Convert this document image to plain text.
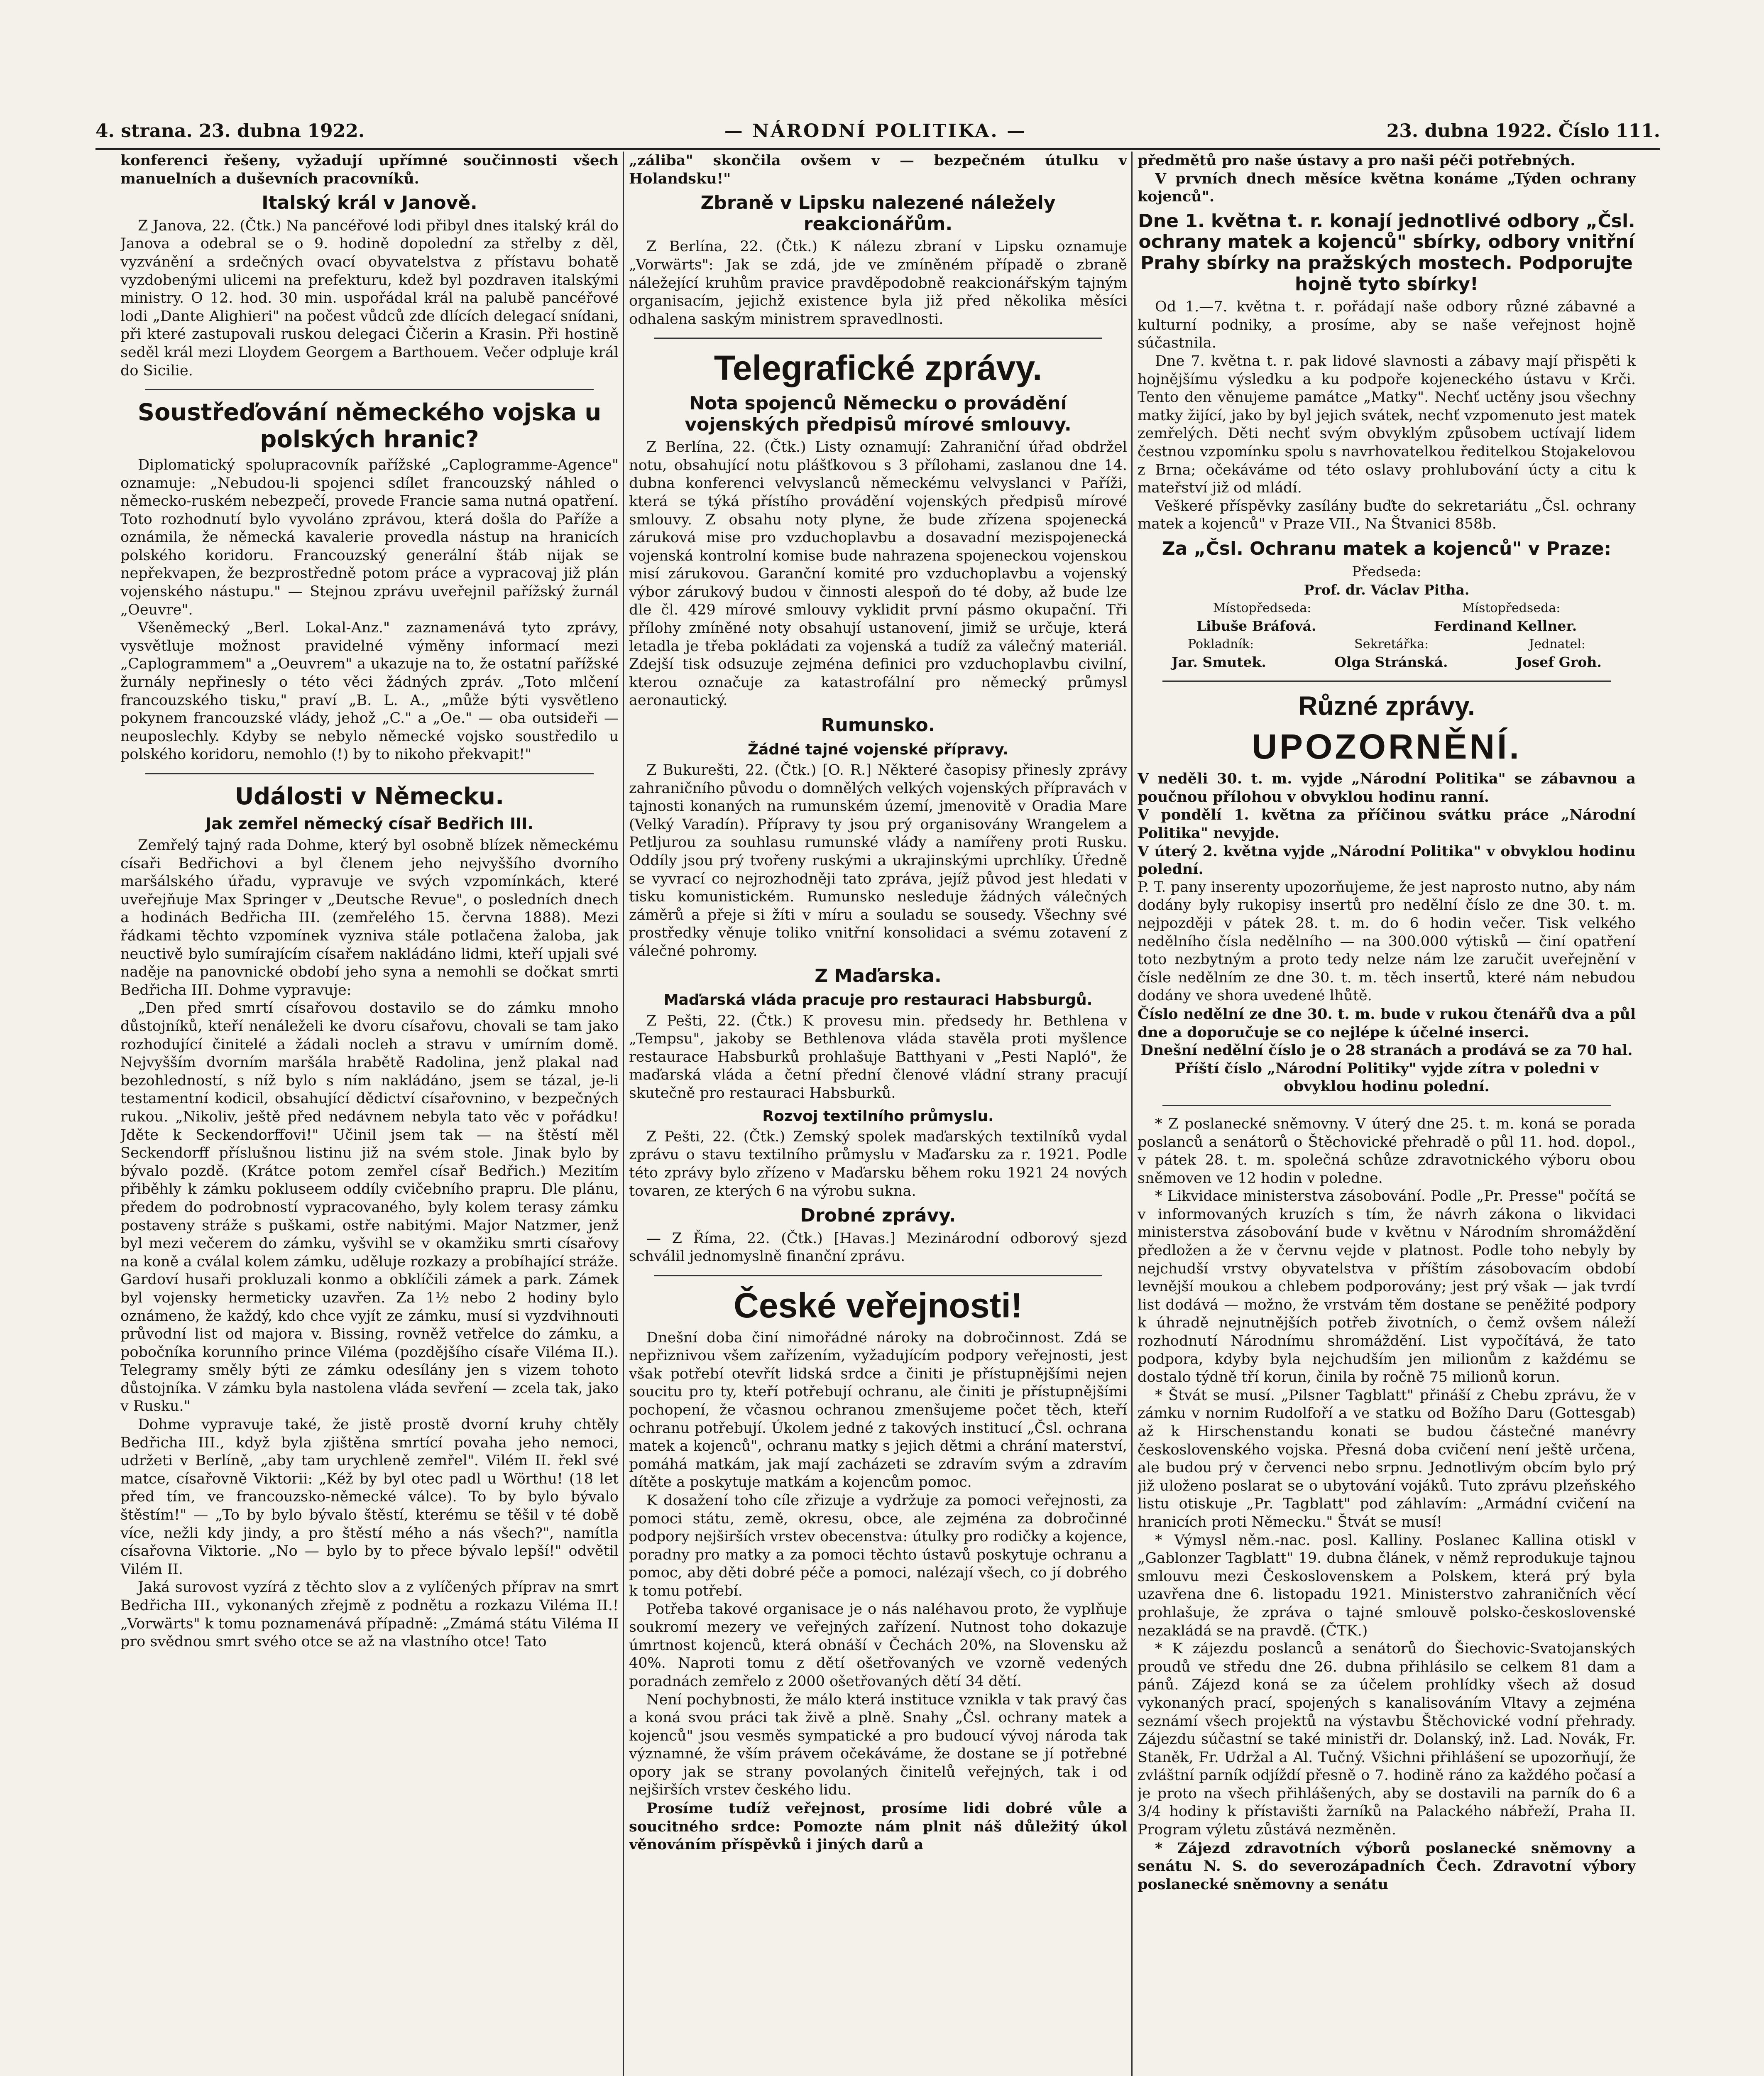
4. strana. 23. dubna 1922.	— NÁRODNÍ POLITIKA. —	23. dubna 1922. Číslo 111.

konferenci řešeny, vyžadují upřímné součinnosti všech manuelních a duševních pracovníků.

Italský král v Janově.

Z Janova, 22. (Čtk.) Na pancéřové lodi přibyl dnes italský král do Janova a odebral se o 9. hodině dopolední za střelby z děl, vyzvánění a srdečných ovací obyvatelstva z přístavu bohatě vyzdobenými ulicemi na prefekturu, kdež byl pozdraven italskými ministry. O 12. hod. 30 min. uspořádal král na palubě pancéřové lodi „Dante Alighieri" na počest vůdců zde dlících delegací snídani, při které zastupovali ruskou delegaci Čičerin a Krasin. Při hostině seděl král mezi Lloydem Georgem a Barthouem. Večer odpluje král do Sicilie.

Soustřeďování německého vojska u polských hranic?

Diplomatický spolupracovník pařížské „Caplogramme-Agence" oznamuje: „Nebudou-li spojenci sdílet francouzský náhled o německo-ruském nebezpečí, provede Francie sama nutná opatření. Toto rozhodnutí bylo vyvoláno zprávou, která došla do Paříže a oznámila, že německá kavalerie provedla nástup na hranicích polského koridoru. Francouzský generální štáb nijak se nepřekvapen, že bezprostředně potom práce a vypracovaj již plán vojenského nástupu." — Stejnou zprávu uveřejnil pařížský žurnál „Oeuvre".

Všeněmecký „Berl. Lokal-Anz." zaznamenává tyto zprávy, vysvětluje možnost pravidelné výměny informací mezi „Caplogrammem" a „Oeuvrem" a ukazuje na to, že ostatní pařížské žurnály nepřinesly o této věci žádných zpráv. „Toto mlčení francouzského tisku," praví „B. L. A., „může býti vysvětleno pokynem francouzské vlády, jehož „C." a „Oe." — oba outsideři — neuposlechly. Kdyby se nebylo německé vojsko soustředilo u polského koridoru, nemohlo (!) by to nikoho překvapit!"

Události v Německu.
Jak zemřel německý císař Bedřich III.

Zemřelý tajný rada Dohme, který byl osobně blízek německému císaři Bedřichovi a byl členem jeho nejvyššího dvorního maršálského úřadu, vypravuje ve svých vzpomínkách, které uveřejňuje Max Springer v „Deutsche Revue", o posledních dnech a hodinách Bedřicha III. (zemřelého 15. června 1888). Mezi řádkami těchto vzpomínek vyzniva stále potlačena žaloba, jak neuctivě bylo sumírajícím císařem nakládáno lidmi, kteří upjali své naděje na panovnické období jeho syna a nemohli se dočkat smrti Bedřicha III. Dohme vypravuje:

„Den před smrtí císařovou dostavilo se do zámku mnoho důstojníků, kteří nenáleželi ke dvoru císařovu, chovali se tam jako rozhodující činitelé a žádali nocleh a stravu v umírním domě. Nejvyšším dvorním maršála hrabětě Radolina, jenž plakal nad bezohledností, s níž bylo s ním nakládáno, jsem se tázal, je-li testamentní kodicil, obsahující dědictví císařovnino, v bezpečných rukou. „Nikoliv, ještě před nedávnem nebyla tato věc v pořádku! Jděte k Seckendorffovi!" Učinil jsem tak — na štěstí měl Seckendorff příslušnou listinu již na svém stole. Jinak bylo by bývalo pozdě. (Krátce potom zemřel císař Bedřich.) Mezitím přiběhly k zámku pokluseem oddíly cvičebního prapru. Dle plánu, předem do podrobností vypracovaného, byly kolem terasy zámku postaveny stráže s puškami, ostře nabitými. Major Natzmer, jenž byl mezi večerem do zámku, vyšvihl se v okamžiku smrti císařovy na koně a cválal kolem zámku, uděluje rozkazy a probíhající stráže. Gardoví husaři prokluzali konmo a obklíčili zámek a park. Zámek byl vojensky hermeticky uzavřen. Za 1½ nebo 2 hodiny bylo oznámeno, že každý, kdo chce vyjít ze zámku, musí si vyzdvihnouti průvodní list od majora v. Bissing, rovněž vetřelce do zámku, a pobočníka korunního prince Viléma (pozdějšího císaře Viléma II.). Telegramy směly býti ze zámku odesílány jen s vizem tohoto důstojníka. V zámku byla nastolena vláda sevření — zcela tak, jako v Rusku."

Dohme vypravuje také, že jistě prostě dvorní kruhy chtěly Bedřicha III., když byla zjištěna smrtící povaha jeho nemoci, udržeti v Berlíně, „aby tam urychleně zemřel". Vilém II. řekl své matce, císařovně Viktorii: „Kéž by byl otec padl u Wörthu! (18 let před tím, ve francouzsko-německé válce). To by bylo bývalo štěstím!" — „To by bylo bývalo štěstí, kterému se těšil v té době více, nežli kdy jindy, a pro štěstí mého a nás všech?", namítla císařovna Viktorie. „No — bylo by to přece bývalo lepší!" odvětil Vilém II.

Jaká surovost vyzírá z těchto slov a z vylíčených příprav na smrt Bedřicha III., vykonaných zřejmě z podnětu a rozkazu Viléma II.! „Vorwärts" k tomu poznamenává případně: „Zmámá státu Viléma II pro svědnou smrt svého otce se až na vlastního otce! Tato

„záliba" skončila ovšem v — bezpečném útulku v Holandsku!"

Zbraně v Lipsku nalezené náležely reakcionářům.

Z Berlína, 22. (Čtk.) K nálezu zbraní v Lipsku oznamuje „Vorwärts": Jak se zdá, jde ve zmíněném případě o zbraně náležející kruhům pravice pravděpodobně reakcionářským tajným organisacím, jejichž existence byla již před několika měsíci odhalena saským ministrem spravedlnosti.

Telegrafické zprávy.
Nota spojenců Německu o provádění vojenských předpisů mírové smlouvy.

Z Berlína, 22. (Čtk.) Listy oznamují: Zahraniční úřad obdržel notu, obsahující notu plášťkovou s 3 přílohami, zaslanou dne 14. dubna konferenci velvyslanců německému velvyslanci v Paříži, která se týká přístího provádění vojenských předpisů mírové smlouvy. Z obsahu noty plyne, že bude zřízena spojenecká záruková mise pro vzduchoplavbu a dosavadní mezispojenecká vojenská kontrolní komise bude nahrazena spojeneckou vojenskou misí zárukovou. Garanční komité pro vzduchoplavbu a vojenský výbor zárukový budou v činnosti alespoň do té doby, až bude lze dle čl. 429 mírové smlouvy vyklidit první pásmo okupační. Tři přílohy zmíněné noty obsahují ustanovení, jimiž se určuje, která letadla je třeba pokládati za vojenská a tudíž za válečný materiál. Zdejší tisk odsuzuje zejména definici pro vzduchoplavbu civilní, kterou označuje za katastrofální pro německý průmysl aeronautický.

Rumunsko.
Žádné tajné vojenské přípravy.

Z Bukurešti, 22. (Čtk.) [O. R.] Některé časopisy přinesly zprávy zahraničního původu o domnělých velkých vojenských přípravách v tajnosti konaných na rumunském území, jmenovitě v Oradia Mare (Velký Varadín). Přípravy ty jsou prý organisovány Wrangelem a Petljurou za souhlasu rumunské vlády a namířeny proti Rusku. Oddíly jsou prý tvořeny ruskými a ukrajinskými uprchlíky. Úředně se vyvrací co nejrozhodněji tato zpráva, jejíž původ jest hledati v tisku komunistickém. Rumunsko nesleduje žádných válečných záměrů a přeje si žíti v míru a souladu se sousedy. Všechny své prostředky věnuje toliko vnitřní konsolidaci a svému zotavení z válečné pohromy.

Z Maďarska.
Maďarská vláda pracuje pro restauraci Habsburgů.

Z Pešti, 22. (Čtk.) K provesu min. předsedy hr. Bethlena v „Tempsu", jakoby se Bethlenova vláda stavěla proti myšlence restaurace Habsburků prohlašuje Batthyani v „Pesti Napló", že maďarská vláda a četní přední členové vládní strany pracují skutečně pro restauraci Habsburků.

Rozvoj textilního průmyslu.

Z Pešti, 22. (Čtk.) Zemský spolek maďarských textilníků vydal zprávu o stavu textilního průmyslu v Maďarsku za r. 1921. Podle této zprávy bylo zřízeno v Maďarsku během roku 1921 24 nových tovaren, ze kterých 6 na výrobu sukna.

Drobné zprávy.

— Z Říma, 22. (Čtk.) [Havas.] Mezinárodní odborový sjezd schválil jednomyslně finanční zprávu.

České veřejnosti!

Dnešní doba činí nimořádné nároky na dobročinnost. Zdá se nepřiznivou všem zařízením, vyžadujícím podpory veřejnosti, jest však potřebí otevřít lidská srdce a činiti je přístupnějšími nejen soucitu pro ty, kteří potřebují ochranu, ale činiti je přístupnějšími pochopení, že včasnou ochranou zmenšujeme počet těch, kteří ochranu potřebují. Úkolem jedné z takových institucí „Čsl. ochrana matek a kojenců", ochranu matky s jejich dětmi a chrání materství, pomáhá matkám, jak mají zacházeti se zdravím svým a zdravím dítěte a poskytuje matkám a kojencům pomoc.

K dosažení toho cíle zřizuje a vydržuje za pomoci veřejnosti, za pomoci státu, země, okresu, obce, ale zejména za dobročinné podpory nejširších vrstev obecenstva: útulky pro rodičky a kojence, poradny pro matky a za pomoci těchto ústavů poskytuje ochranu a pomoc, aby děti dobré péče a pomoci, nalézají všech, co jí dobrého k tomu potřebí.

Potřeba takové organisace je o nás naléhavou proto, že vyplňuje soukromí mezery ve veřejných zařízení. Nutnost toho dokazuje úmrtnost kojenců, která obnáší v Čechách 20%, na Slovensku až 40%. Naproti tomu z dětí ošetřovaných ve vzorně vedených poradnách zemřelo z 2000 ošetřovaných dětí 34 dětí.

Není pochybnosti, že málo která instituce vznikla v tak pravý čas a koná svou práci tak živě a plně. Snahy „Čsl. ochrany matek a kojenců" jsou vesměs sympatické a pro budoucí vývoj národa tak významné, že vším právem očekáváme, že dostane se jí potřebné opory jak se strany povolaných činitelů veřejných, tak i od nejširších vrstev českého lidu.

Prosíme tudíž veřejnost, prosíme lidi dobré vůle a soucitného srdce: Pomozte nám plnit náš důležitý úkol věnováním příspěvků i jiných darů a

předmětů pro naše ústavy a pro naši péči potřebných.

V prvních dnech měsíce května konáme „Týden ochrany kojenců".

Dne 1. května t. r. konají jednotlivé odbory „Čsl. ochrany matek a kojenců" sbírky, odbory vnitřní Prahy sbírky na pražských mostech. Podporujte hojně tyto sbírky!

Od 1.—7. května t. r. pořádají naše odbory různé zábavné a kulturní podniky, a prosíme, aby se naše veřejnost hojně súčastnila.

Dne 7. května t. r. pak lidové slavnosti a zábavy mají přispěti k hojnějšímu výsledku a ku podpoře kojeneckého ústavu v Krči. Tento den věnujeme památce „Matky". Nechť uctěny jsou všechny matky žijící, jako by byl jejich svátek, nechť vzpomenuto jest matek zemřelých. Děti nechť svým obvyklým způsobem uctívají lidem čestnou vzpomínku spolu s navrhovatelkou ředitelkou Stojakelovou z Brna; očekáváme od této oslavy prohlubování úcty a citu k mateřství již od mládí.

Veškeré příspěvky zasílány buďte do sekretariátu „Čsl. ochrany matek a kojenců" v Praze VII., Na Štvanici 858b.

Za „Čsl. Ochranu matek a kojenců" v Praze:
Předseda:
Prof. dr. Václav Pitha.
Místopředseda:	Místopředseda:
Libuše Bráfová.	Ferdinand Kellner.
Pokladník:	Sekretářka:	Jednatel:
Jar. Smutek.	Olga Stránská.	Josef Groh.
Různé zprávy.
UPOZORNĚNÍ.

V neděli 30. t. m. vyjde „Národní Politika" se zábavnou a poučnou přílohou v obvyklou hodinu ranní.

V pondělí 1. května za příčinou svátku práce „Národní Politika" nevyjde.

V úterý 2. května vyjde „Národní Politika" v obvyklou hodinu polední.

P. T. pany inserenty upozorňujeme, že jest naprosto nutno, aby nám dodány byly rukopisy insertů pro nedělní číslo ze dne 30. t. m. nejpozději v pátek 28. t. m. do 6 hodin večer. Tisk velkého nedělního čísla nedělního — na 300.000 výtisků — činí opatření toto nezbytným a proto tedy nelze nám lze zaručit uveřejnění v čísle nedělním ze dne 30. t. m. těch insertů, které nám nebudou dodány ve shora uvedené lhůtě.

Číslo nedělní ze dne 30. t. m. bude v rukou čtenářů dva a půl dne a doporučuje se co nejlépe k účelné inserci.

Dnešní nedělní číslo je o 28 stranách a prodává se za 70 hal.

Příští číslo „Národní Politiky" vyjde zítra v poledni v obvyklou hodinu polední.

* Z poslanecké sněmovny. V úterý dne 25. t. m. koná se porada poslanců a senátorů o Štěchovické přehradě o půl 11. hod. dopol., v pátek 28. t. m. společná schůze zdravotnického výboru obou sněmoven ve 12 hodin v poledne.

* Likvidace ministerstva zásobování. Podle „Pr. Presse" počítá se v informovaných kruzích s tím, že návrh zákona o likvidaci ministerstva zásobování bude v květnu v Národním shromáždění předložen a že v červnu vejde v platnost. Podle toho nebyly by nejchudší vrstvy obyvatelstva v příštím zásobovacím období levnější moukou a chlebem podporovány; jest prý však — jak tvrdí list dodává — možno, že vrstvám těm dostane se peněžité podpory k úhradě nejnutnějších potřeb životních, o čemž ovšem náleží rozhodnutí Národnímu shromáždění. List vypočítává, že tato podpora, kdyby byla nejchudším jen milionům z každému se dostalo týdně tří korun, činila by ročně 75 milionů korun.

* Štvát se musí. „Pilsner Tagblatt" přináší z Chebu zprávu, že v zámku v nornim Rudolfoří a ve statku od Božího Daru (Gottesgab) až k Hirschenstandu konati se budou částečné manévry československého vojska. Přesná doba cvičení není ještě určena, ale budou prý v červenci nebo srpnu. Jednotlivým obcím bylo prý již uloženo poslarat se o ubytování vojáků. Tuto zprávu plzeňského listu otiskuje „Pr. Tagblatt" pod záhlavím: „Armádní cvičení na hranicích proti Německu." Štvát se musí!

* Výmysl něm.-nac. posl. Kalliny. Poslanec Kallina otiskl v „Gablonzer Tagblatt" 19. dubna článek, v němž reprodukuje tajnou smlouvu mezi Československem a Polskem, která prý byla uzavřena dne 6. listopadu 1921. Ministerstvo zahraničních věcí prohlašuje, že zpráva o tajné smlouvě polsko-československé nezakládá se na pravdě. (ČTK.)

* K zájezdu poslanců a senátorů do Šiechovic-Svatojanských proudů ve středu dne 26. dubna přihlásilo se celkem 81 dam a pánů. Zájezd koná se za účelem prohlídky všech až dosud vykonaných prací, spojených s kanalisováním Vltavy a zejména seznámí všech projektů na výstavbu Štěchovické vodní přehrady. Zájezdu súčastní se také ministři dr. Dolanský, inž. Lad. Novák, Fr. Staněk, Fr. Udržal a Al. Tučný. Všichni přihlášení se upozorňují, že zvláštní parník odjíždí přesně o 7. hodině ráno za každého počasí a je proto na všech přihlášených, aby se dostavili na parník do 6 a 3/4 hodiny k přístavišti žarníků na Palackého nábřeží, Praha II. Program výletu zůstává nezměněn.

* Zájezd zdravotních výborů poslanecké sněmovny a senátu N. S. do severozápadních Čech. Zdravotní výbory poslanecké sněmovny a senátu
